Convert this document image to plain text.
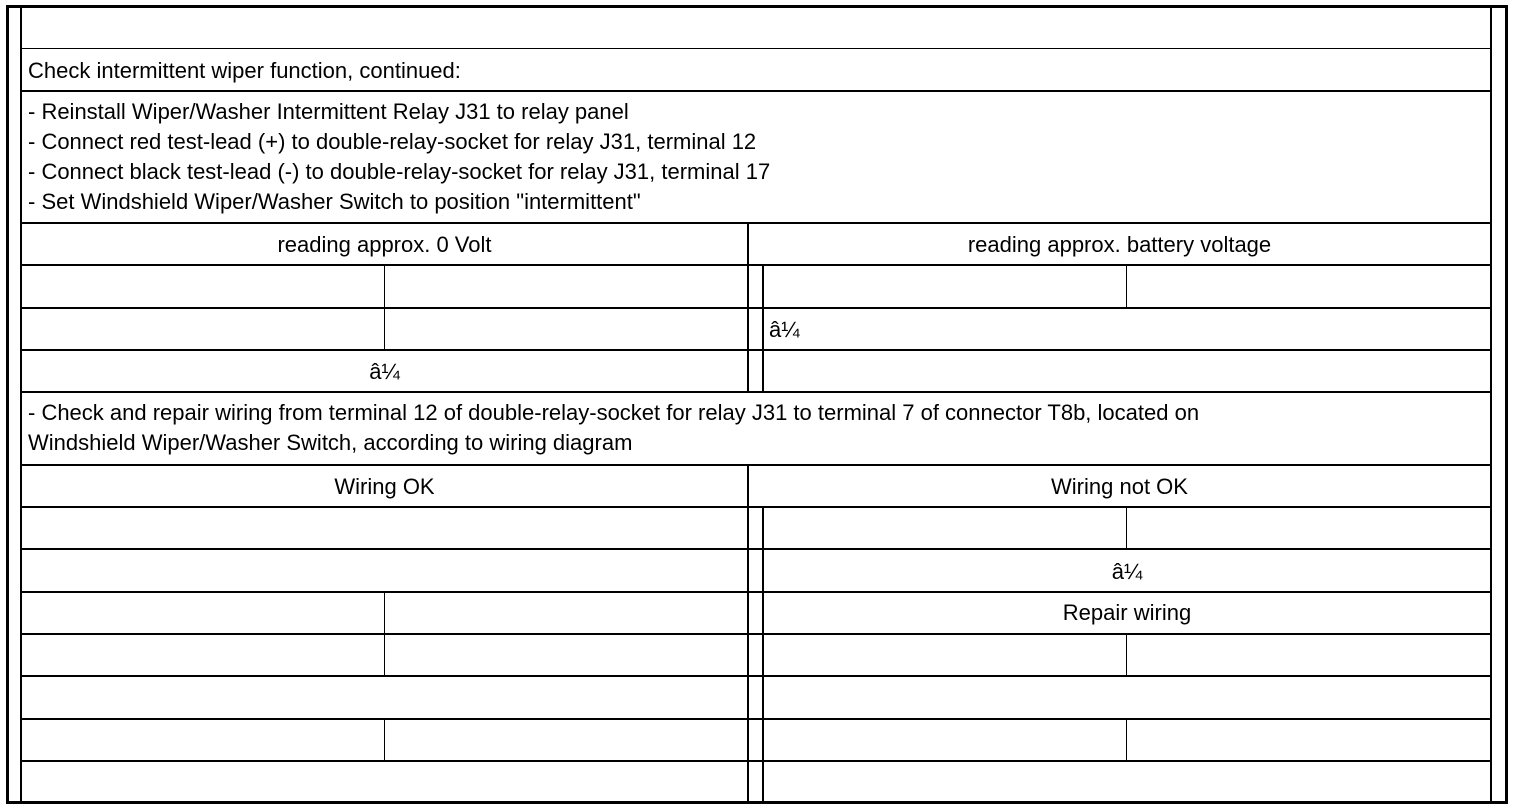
Check intermittent wiper function, continued:
- Reinstall Wiper/Washer Intermittent Relay J31 to relay panel
- Connect red test-lead (+) to double-relay-socket for relay J31, terminal 12
- Connect black test-lead (-) to double-relay-socket for relay J31, terminal 17
- Set Windshield Wiper/Washer Switch to position "intermittent"
reading approx. 0 Volt	reading approx. battery voltage
â¼
â¼
- Check and repair wiring from terminal 12 of double-relay-socket for relay J31 to terminal 7 of connector T8b, located on
Windshield Wiper/Washer Switch, according to wiring diagram
Wiring OK	Wiring not OK
â¼
Repair wiring
